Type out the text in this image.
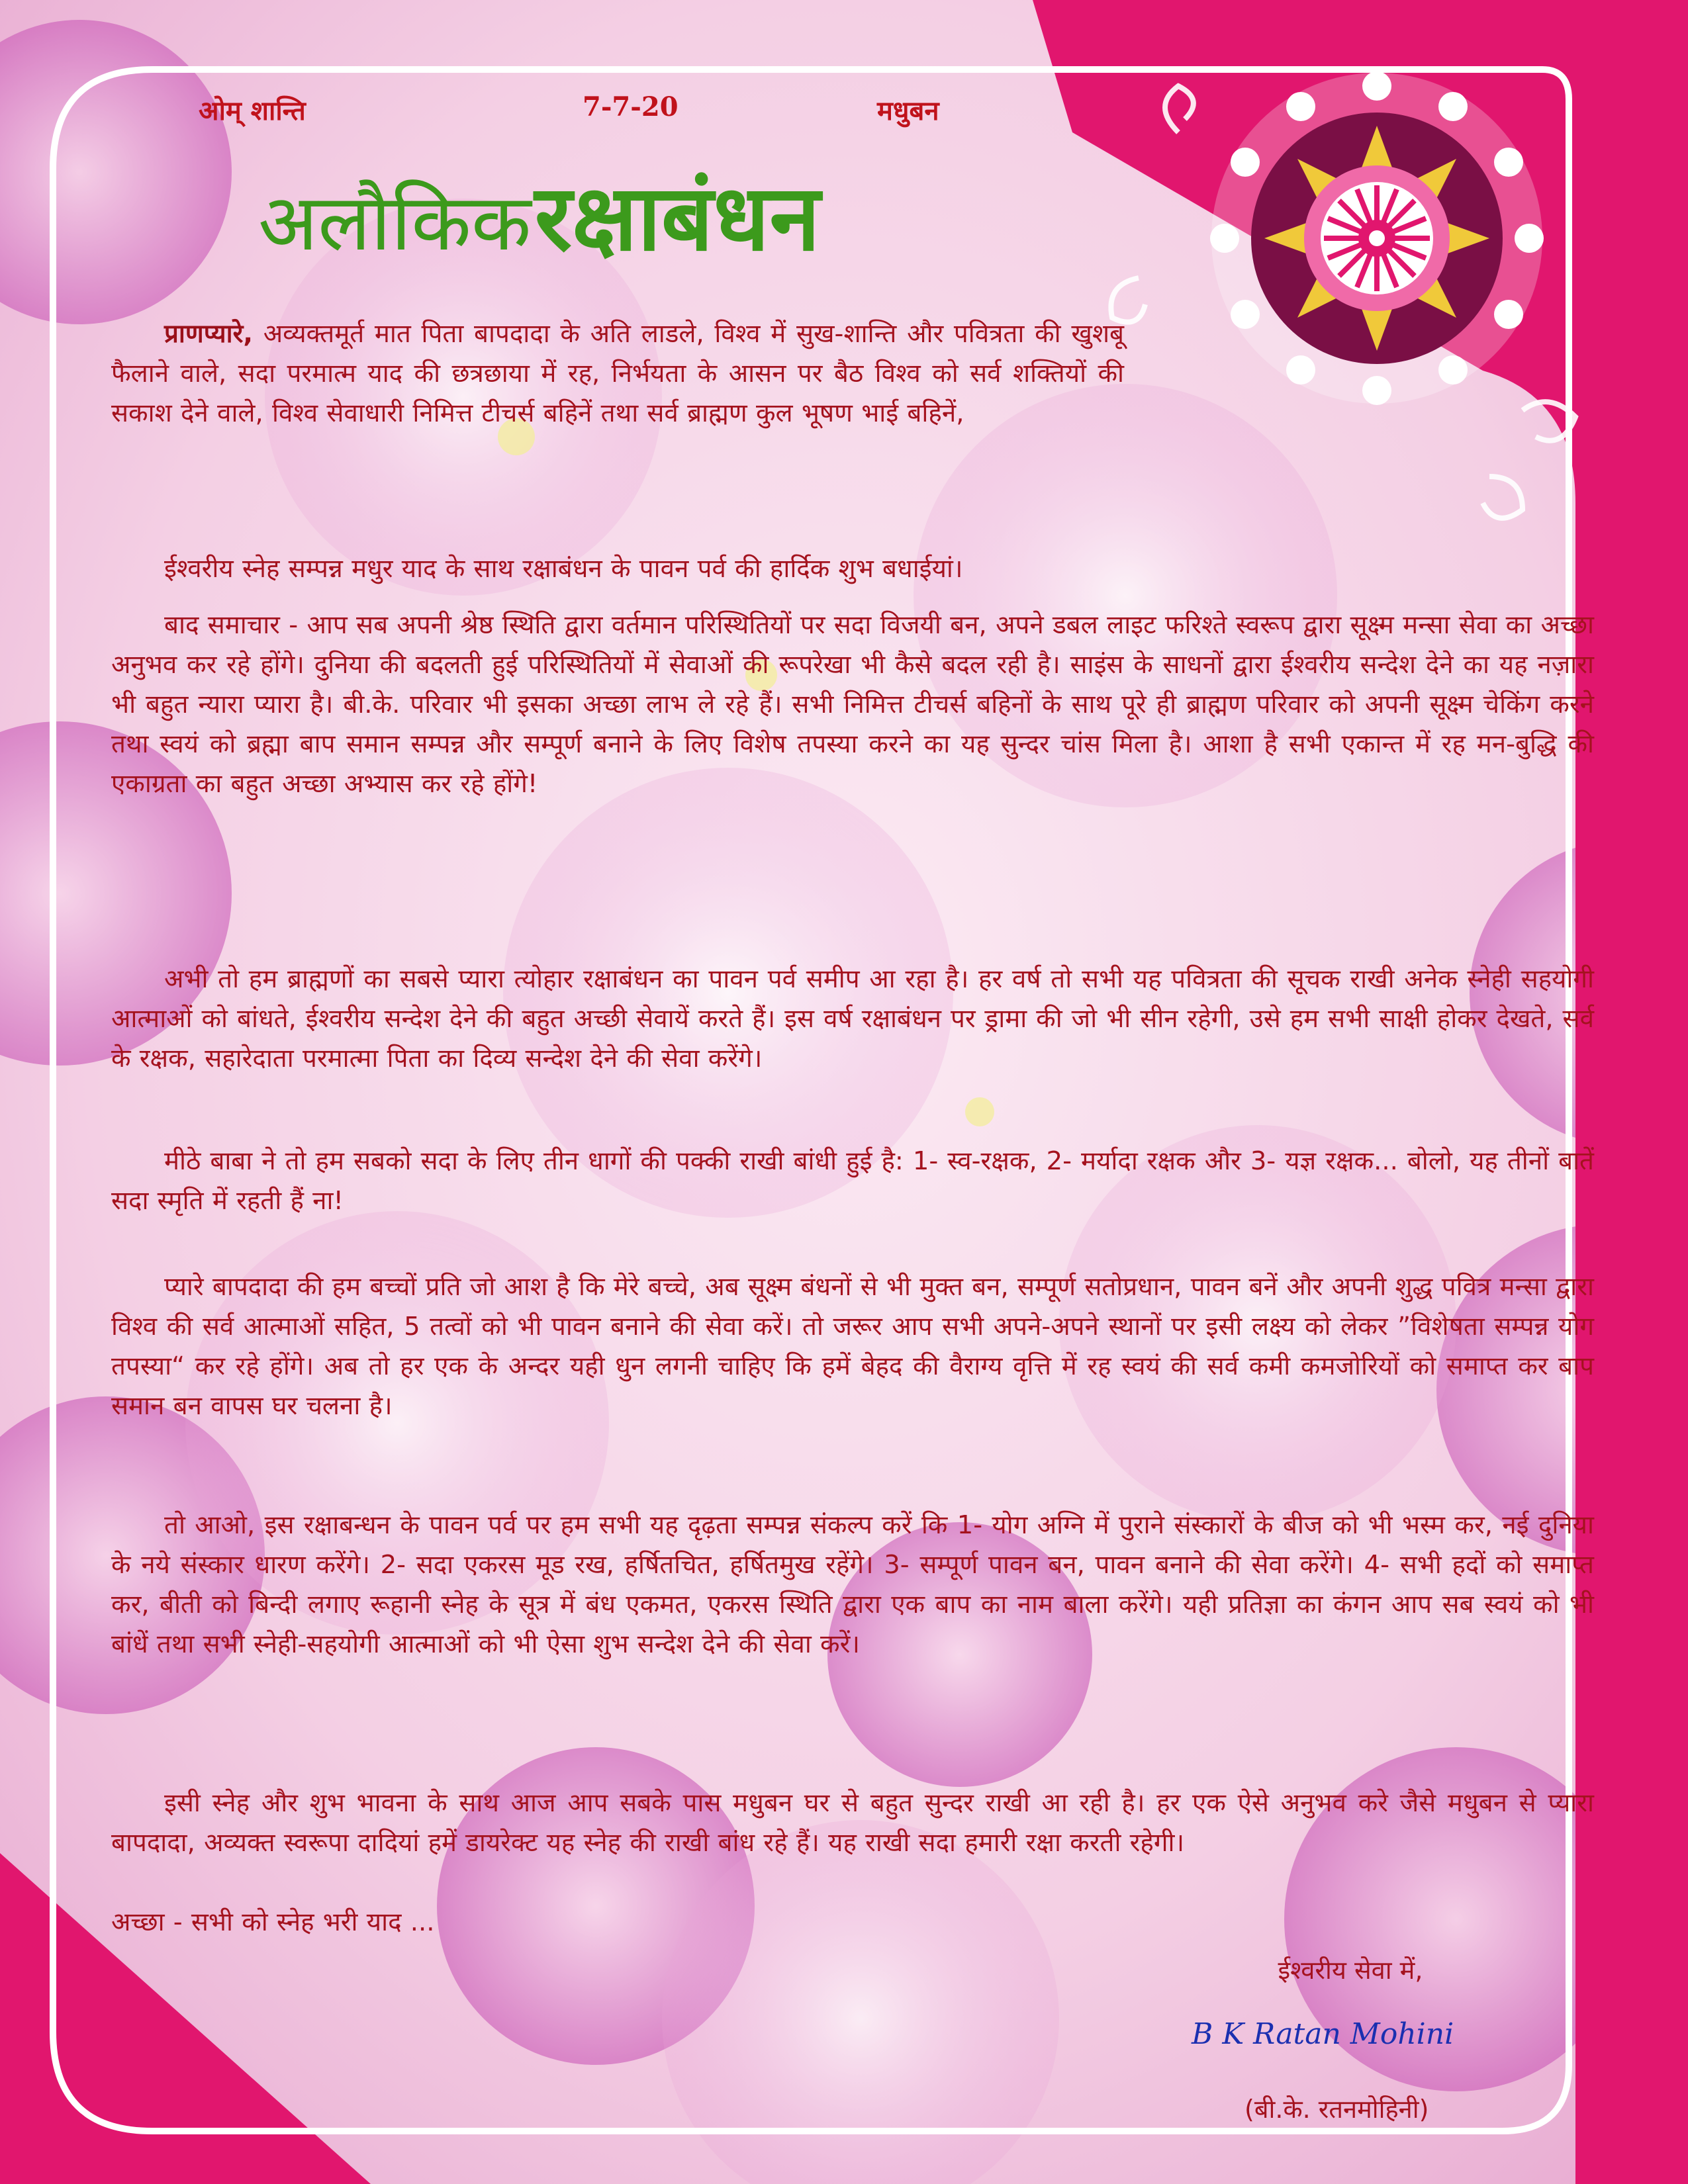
ओम् शान्ति	7-7-20	मधुबन
अलौकिक रक्षाबंधन

प्राणप्यारे, अव्यक्तमूर्त मात पिता बापदादा के अति लाडले, विश्व में सुख-शान्ति और पवित्रता की खुशबू फैलाने वाले, सदा परमात्म याद की छत्रछाया में रह, निर्भयता के आसन पर बैठ विश्व को सर्व शक्तियों की सकाश देने वाले, विश्व सेवाधारी निमित्त टीचर्स बहिनें तथा सर्व ब्राह्मण कुल भूषण भाई बहिनें,

ईश्वरीय स्नेह सम्पन्न मधुर याद के साथ रक्षाबंधन के पावन पर्व की हार्दिक शुभ बधाईयां।

बाद समाचार - आप सब अपनी श्रेष्ठ स्थिति द्वारा वर्तमान परिस्थितियों पर सदा विजयी बन, अपने डबल लाइट फरिश्ते स्वरूप द्वारा सूक्ष्म मन्सा सेवा का अच्छा अनुभव कर रहे होंगे। दुनिया की बदलती हुई परिस्थितियों में सेवाओं की रूपरेखा भी कैसे बदल रही है। साइंस के साधनों द्वारा ईश्वरीय सन्देश देने का यह नज़ारा भी बहुत न्यारा प्यारा है। बी.के. परिवार भी इसका अच्छा लाभ ले रहे हैं। सभी निमित्त टीचर्स बहिनों के साथ पूरे ही ब्राह्मण परिवार को अपनी सूक्ष्म चेकिंग करने तथा स्वयं को ब्रह्मा बाप समान सम्पन्न और सम्पूर्ण बनाने के लिए विशेष तपस्या करने का यह सुन्दर चांस मिला है। आशा है सभी एकान्त में रह मन-बुद्धि की एकाग्रता का बहुत अच्छा अभ्यास कर रहे होंगे!

अभी तो हम ब्राह्मणों का सबसे प्यारा त्योहार रक्षाबंधन का पावन पर्व समीप आ रहा है। हर वर्ष तो सभी यह पवित्रता की सूचक राखी अनेक स्नेही सहयोगी आत्माओं को बांधते, ईश्वरीय सन्देश देने की बहुत अच्छी सेवायें करते हैं। इस वर्ष रक्षाबंधन पर ड्रामा की जो भी सीन रहेगी, उसे हम सभी साक्षी होकर देखते, सर्व के रक्षक, सहारेदाता परमात्मा पिता का दिव्य सन्देश देने की सेवा करेंगे।

मीठे बाबा ने तो हम सबको सदा के लिए तीन धागों की पक्की राखी बांधी हुई है: 1- स्व-रक्षक, 2- मर्यादा रक्षक और 3- यज्ञ रक्षक... बोलो, यह तीनों बातें सदा स्मृति में रहती हैं ना!

प्यारे बापदादा की हम बच्चों प्रति जो आश है कि मेरे बच्चे, अब सूक्ष्म बंधनों से भी मुक्त बन, सम्पूर्ण सतोप्रधान, पावन बनें और अपनी शुद्ध पवित्र मन्सा द्वारा विश्व की सर्व आत्माओं सहित, 5 तत्वों को भी पावन बनाने की सेवा करें। तो जरूर आप सभी अपने-अपने स्थानों पर इसी लक्ष्य को लेकर ”विशेषता सम्पन्न योग तपस्या“ कर रहे होंगे। अब तो हर एक के अन्दर यही धुन लगनी चाहिए कि हमें बेहद की वैराग्य वृत्ति में रह स्वयं की सर्व कमी कमजोरियों को समाप्त कर बाप समान बन वापस घर चलना है।

तो आओ, इस रक्षाबन्धन के पावन पर्व पर हम सभी यह दृढ़ता सम्पन्न संकल्प करें कि 1- योग अग्नि में पुराने संस्कारों के बीज को भी भस्म कर, नई दुनिया के नये संस्कार धारण करेंगे। 2- सदा एकरस मूड रख, हर्षितचित, हर्षितमुख रहेंगे। 3- सम्पूर्ण पावन बन, पावन बनाने की सेवा करेंगे। 4- सभी हदों को समाप्त कर, बीती को बिन्दी लगाए रूहानी स्नेह के सूत्र में बंध एकमत, एकरस स्थिति द्वारा एक बाप का नाम बाला करेंगे। यही प्रतिज्ञा का कंगन आप सब स्वयं को भी बांधें तथा सभी स्नेही-सहयोगी आत्माओं को भी ऐसा शुभ सन्देश देने की सेवा करें।

इसी स्नेह और शुभ भावना के साथ आज आप सबके पास मधुबन घर से बहुत सुन्दर राखी आ रही है। हर एक ऐसे अनुभव करे जैसे मधुबन से प्यारा बापदादा, अव्यक्त स्वरूपा दादियां हमें डायरेक्ट यह स्नेह की राखी बांध रहे हैं। यह राखी सदा हमारी रक्षा करती रहेगी।

अच्छा - सभी को स्नेह भरी याद ...

ईश्वरीय सेवा में,
B K Ratan Mohini
(बी.के. रतनमोहिनी)
